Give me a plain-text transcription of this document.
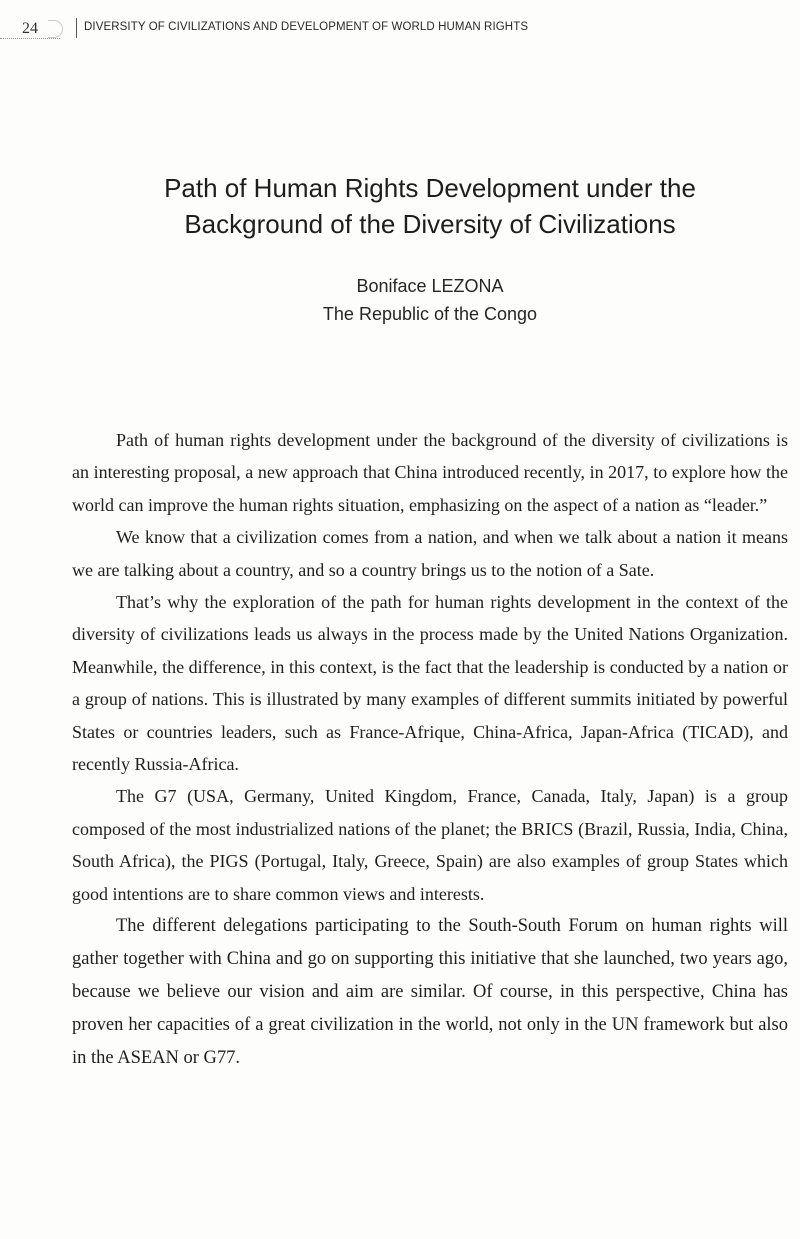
24	DIVERSITY OF CIVILIZATIONS AND DEVELOPMENT OF WORLD HUMAN RIGHTS
Path of Human Rights Development under the
Background of the Diversity of Civilizations
Boniface LEZONA
The Republic of the Congo

Path of human rights development under the background of the diversity of civilizations is an interesting proposal, a new approach that China introduced recently, in 2017, to explore how the world can improve the human rights situation, emphasizing on the aspect of a nation as “leader.”

We know that a civilization comes from a nation, and when we talk about a nation it means we are talking about a country, and so a country brings us to the notion of a Sate.

That’s why the exploration of the path for human rights development in the context of the diversity of civilizations leads us always in the process made by the United Nations Organization. Meanwhile, the difference, in this context, is the fact that the leadership is conducted by a nation or a group of nations. This is illustrated by many examples of different summits initiated by powerful States or countries leaders, such as France-Afrique, China-Africa, Japan-Africa (TICAD), and recently Russia-Africa.

The G7 (USA, Germany, United Kingdom, France, Canada, Italy, Japan) is a group composed of the most industrialized nations of the planet; the BRICS (Brazil, Russia, India, China, South Africa), the PIGS (Portugal, Italy, Greece, Spain) are also examples of group States which good intentions are to share common views and interests.

The different delegations participating to the South-South Forum on human rights will gather together with China and go on supporting this initiative that she launched, two years ago, because we believe our vision and aim are similar. Of course, in this perspective, China has proven her capacities of a great civilization in the world, not only in the UN framework but also in the ASEAN or G77.
